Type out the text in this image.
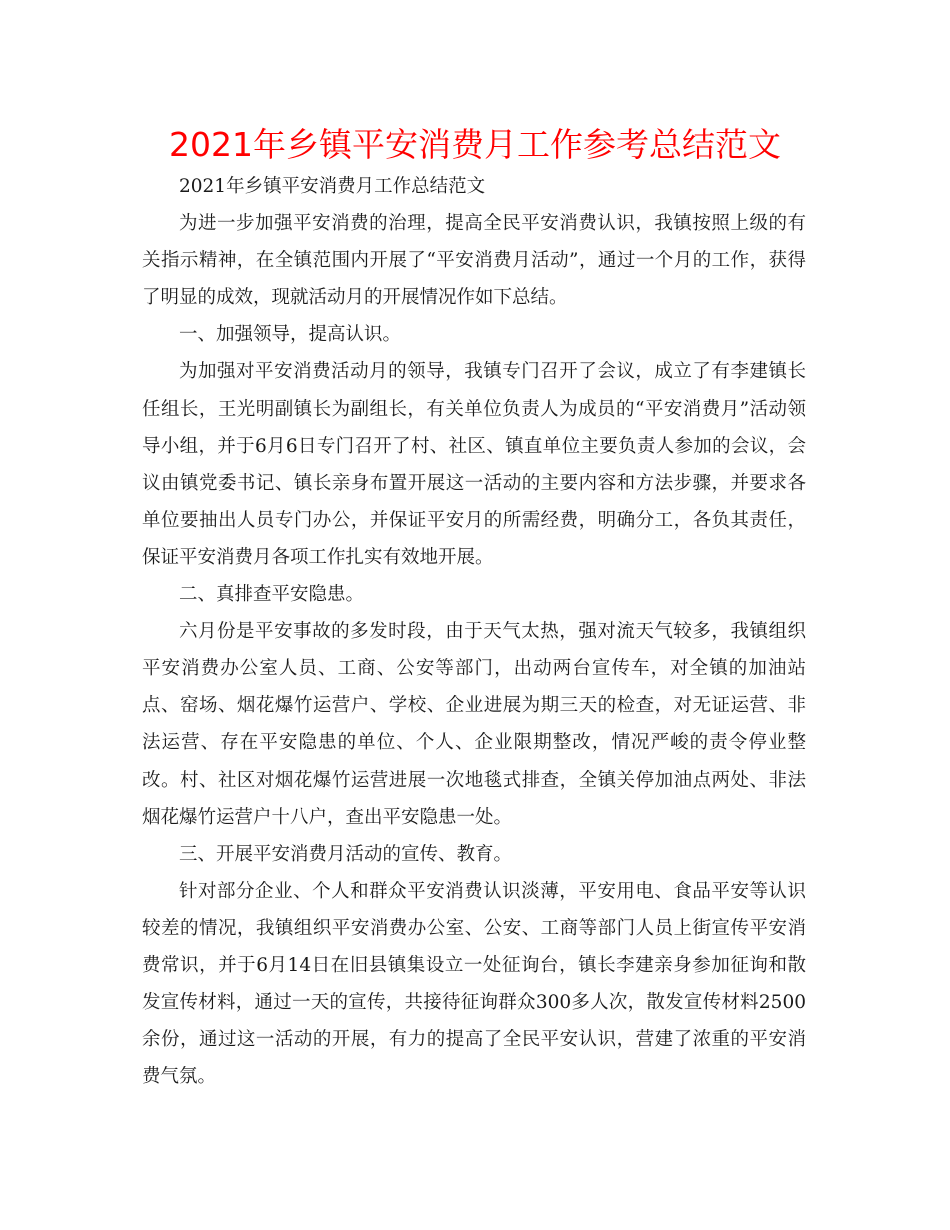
2021年乡镇平安消费月工作参考总结范文

2021年乡镇平安消费月工作总结范文

为进一步加强平安消费的治理，提高全民平安消费认识，我镇按照上级的有关指示精神，在全镇范围内开展了“平安消费月活动”，通过一个月的工作，获得了明显的成效，现就活动月的开展情况作如下总结。

一、加强领导，提高认识。

为加强对平安消费活动月的领导，我镇专门召开了会议，成立了有李建镇长任组长，王光明副镇长为副组长，有关单位负责人为成员的“平安消费月”活动领导小组，并于6月6日专门召开了村、社区、镇直单位主要负责人参加的会议，会议由镇党委书记、镇长亲身布置开展这一活动的主要内容和方法步骤，并要求各单位要抽出人员专门办公，并保证平安月的所需经费，明确分工，各负其责任，保证平安消费月各项工作扎实有效地开展。

二、真排查平安隐患。

六月份是平安事故的多发时段，由于天气太热，强对流天气较多，我镇组织平安消费办公室人员、工商、公安等部门，出动两台宣传车，对全镇的加油站点、窑场、烟花爆竹运营户、学校、企业进展为期三天的检查，对无证运营、非法运营、存在平安隐患的单位、个人、企业限期整改，情况严峻的责令停业整改。村、社区对烟花爆竹运营进展一次地毯式排查，全镇关停加油点两处、非法烟花爆竹运营户十八户，查出平安隐患一处。

三、开展平安消费月活动的宣传、教育。

针对部分企业、个人和群众平安消费认识淡薄，平安用电、食品平安等认识较差的情况，我镇组织平安消费办公室、公安、工商等部门人员上街宣传平安消费常识，并于6月14日在旧县镇集设立一处征询台，镇长李建亲身参加征询和散发宣传材料，通过一天的宣传，共接待征询群众300多人次，散发宣传材料2500余份，通过这一活动的开展，有力的提高了全民平安认识，营建了浓重的平安消费气氛。
